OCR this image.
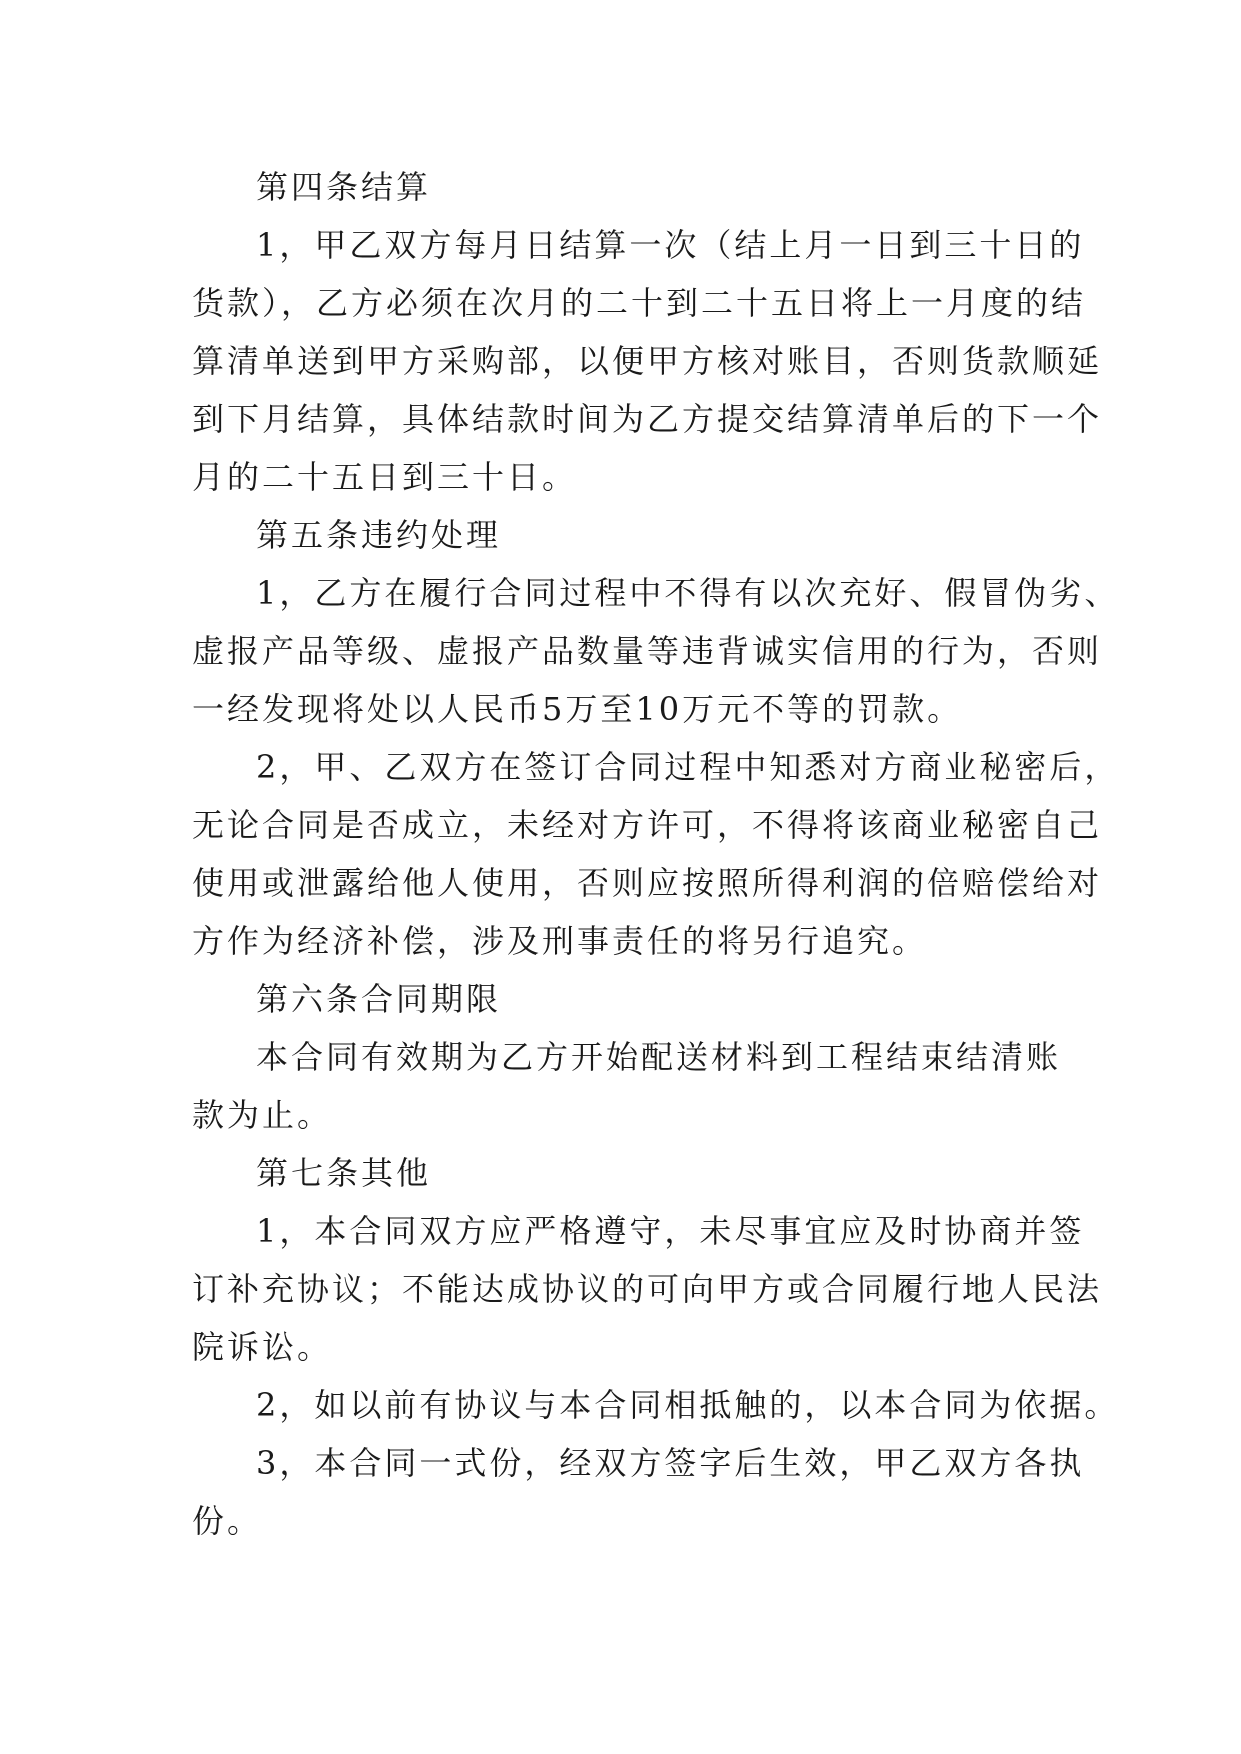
第四条结算
1，甲乙双方每月日结算一次（结上月一日到三十日的
货款），乙方必须在次月的二十到二十五日将上一月度的结
算清单送到甲方采购部，以便甲方核对账目，否则货款顺延
到下月结算，具体结款时间为乙方提交结算清单后的下一个
月的二十五日到三十日。
第五条违约处理
1，乙方在履行合同过程中不得有以次充好、假冒伪劣、
虚报产品等级、虚报产品数量等违背诚实信用的行为，否则
一经发现将处以人民币5万至10万元不等的罚款。
2，甲、乙双方在签订合同过程中知悉对方商业秘密后，
无论合同是否成立，未经对方许可，不得将该商业秘密自己
使用或泄露给他人使用，否则应按照所得利润的倍赔偿给对
方作为经济补偿，涉及刑事责任的将另行追究。
第六条合同期限
本合同有效期为乙方开始配送材料到工程结束结清账
款为止。
第七条其他
1，本合同双方应严格遵守，未尽事宜应及时协商并签
订补充协议；不能达成协议的可向甲方或合同履行地人民法
院诉讼。
2，如以前有协议与本合同相抵触的，以本合同为依据。
3，本合同一式份，经双方签字后生效，甲乙双方各执
份。
